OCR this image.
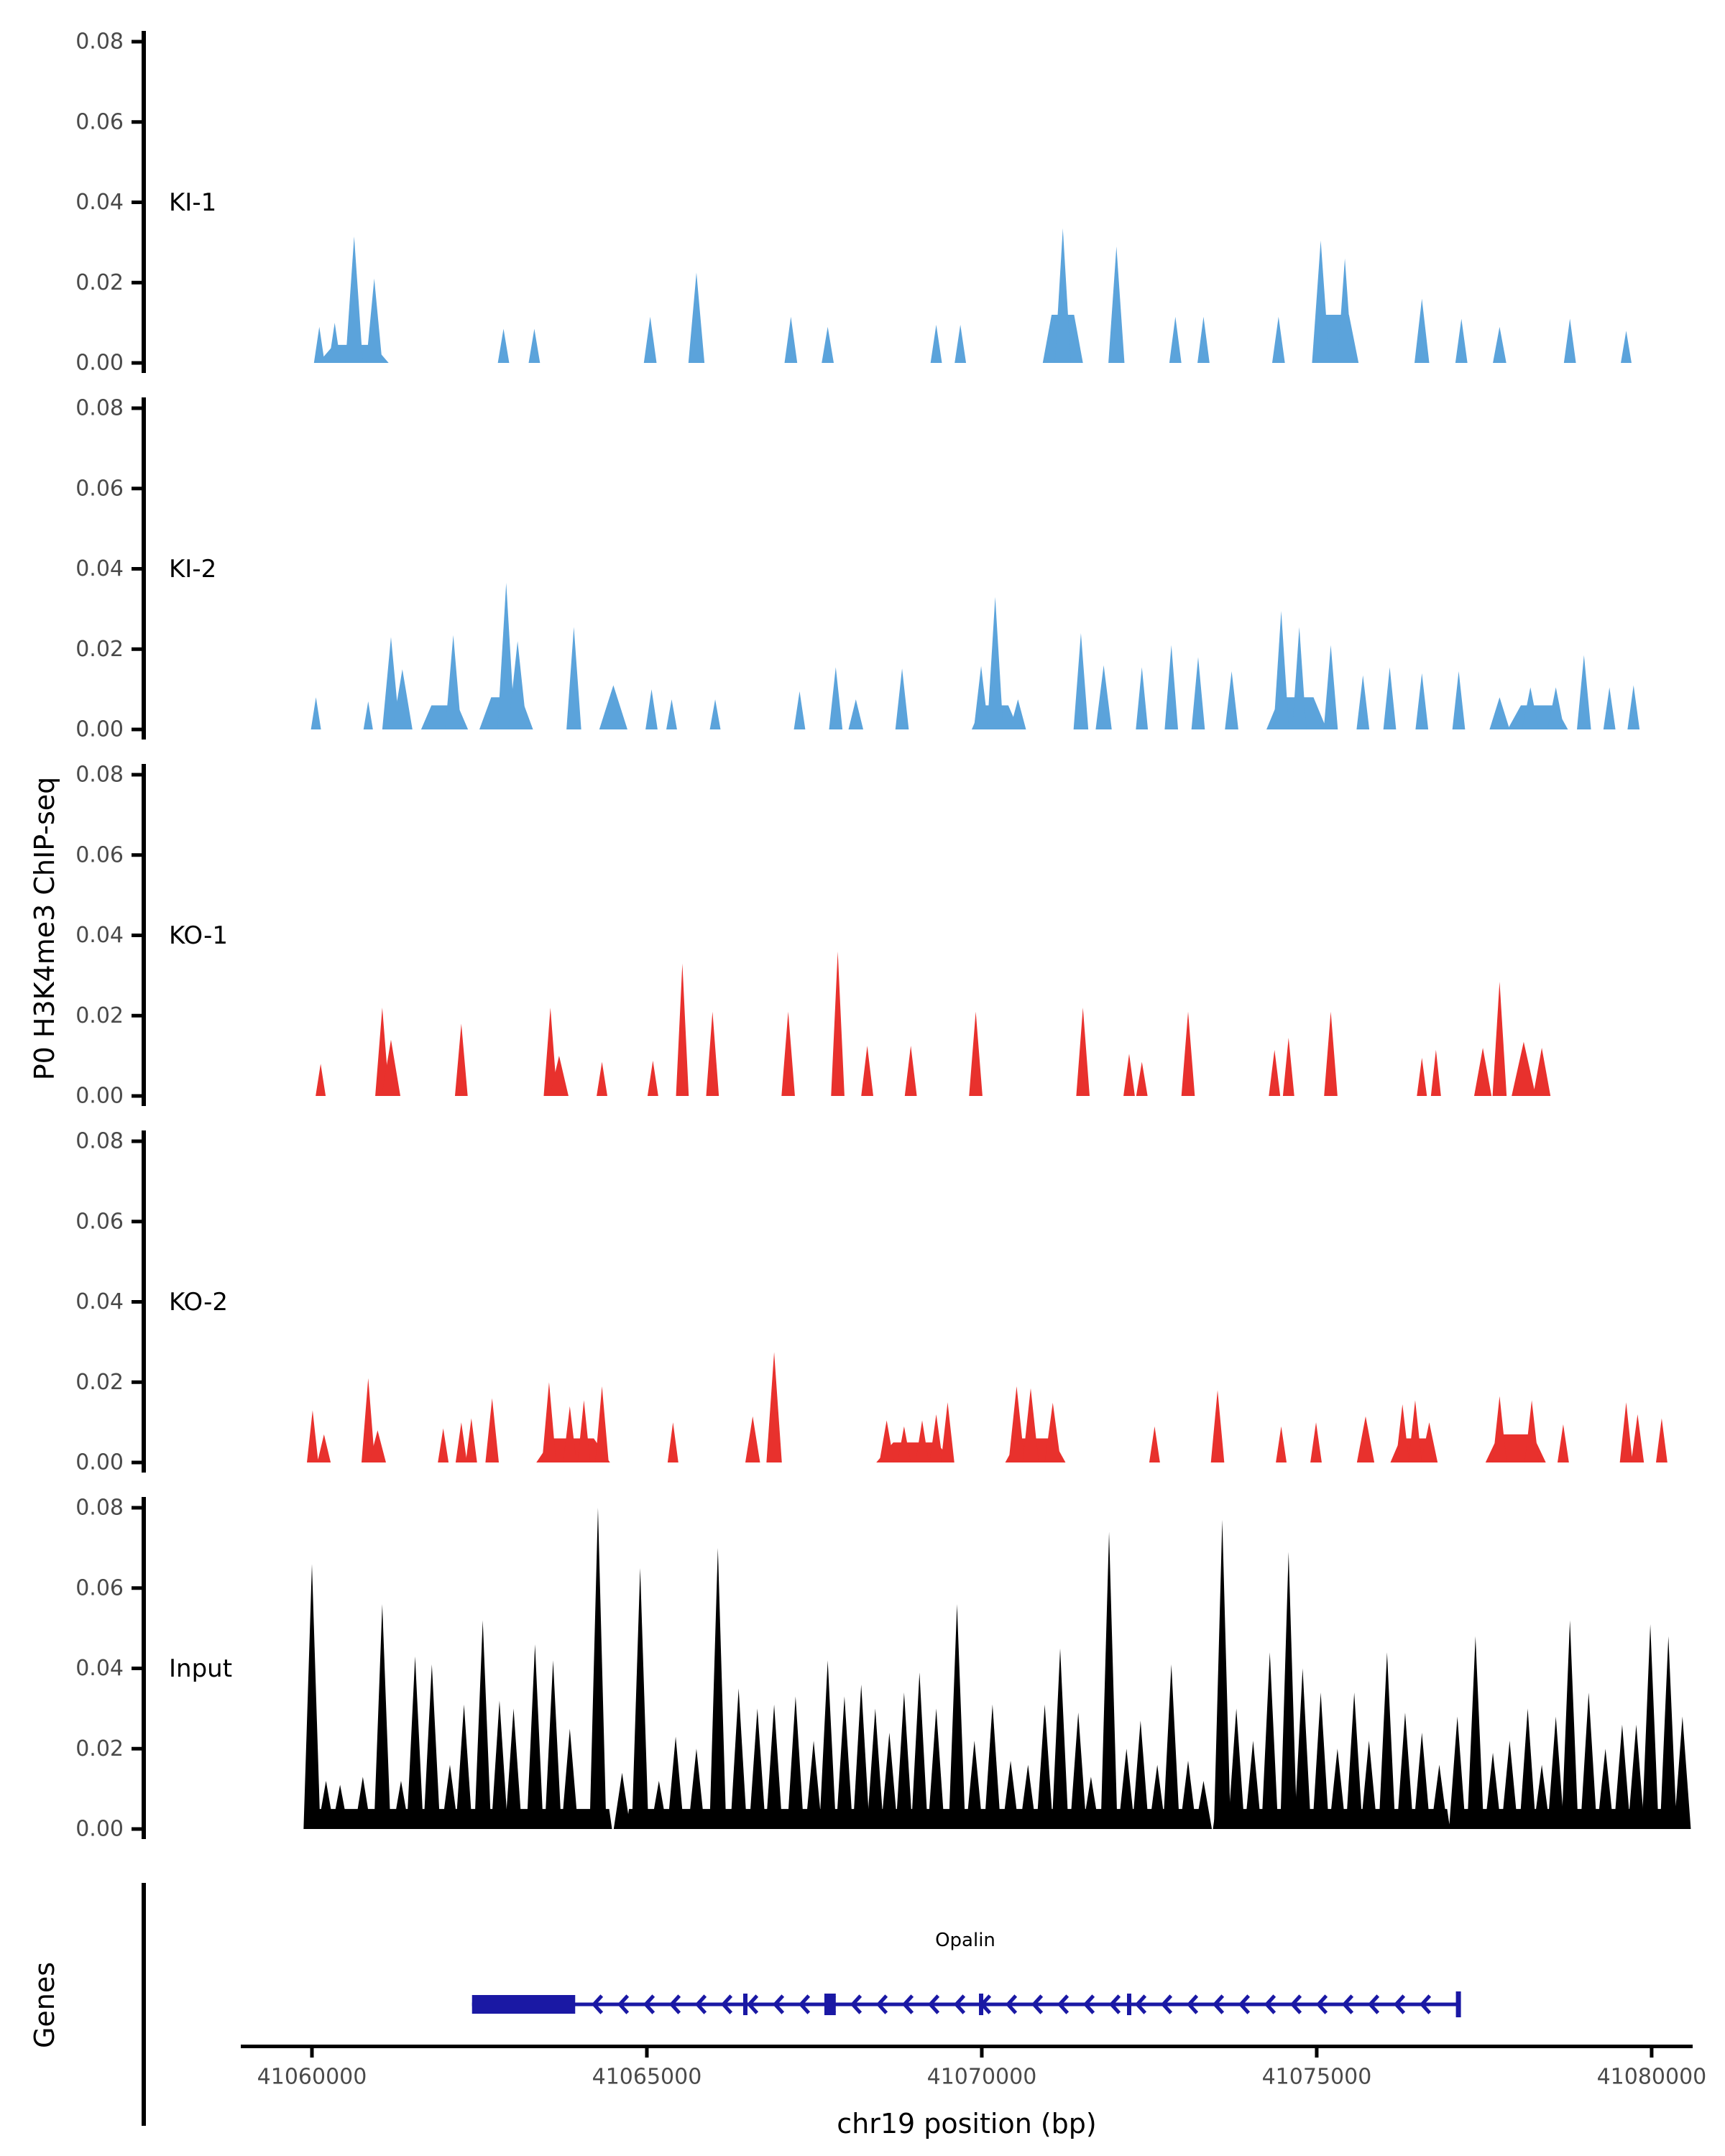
0.08
0.06
0.04
0.02
0.00
KI-1
0.08
0.06
0.04
0.02
0.00
KI-2
0.08
0.06
0.04
0.02
0.00
KO-1
0.08
0.06
0.04
0.02
0.00
KO-2
0.08
0.06
0.04
0.02
0.00
Input
41060000	41065000	41070000	41075000	41080000
P0 H3K4me3 ChIP-seq
Genes
chr19 position (bp)
Opalin
